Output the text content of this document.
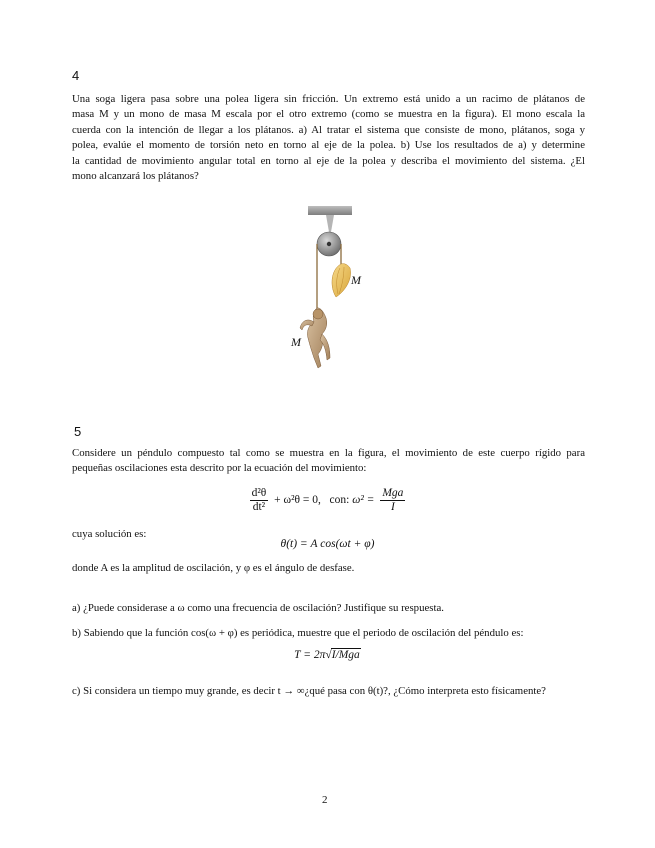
4
Una soga ligera pasa sobre una polea ligera sin fricción. Un extremo está unido a un racimo de plátanos de
masa M y un mono de masa M escala por el otro extremo (como se muestra en la figura). El mono escala la
cuerda con la intención de llegar a los plátanos. a) Al tratar el sistema que consiste de mono, plátanos, soga y
polea, evalúe el momento de torsión neto en torno al eje de la polea. b) Use los resultados de a) y determine
la cantidad de movimiento angular total en torno al eje de la polea y describa el movimiento del sistema. ¿El
mono alcanzará los plátanos?
M
M
5
Considere un péndulo compuesto tal como se muestra en la figura, el movimiento de este cuerpo rígido para
pequeñas oscilaciones esta descrito por la ecuación del movimiento:
$\frac{\text{d²θ}}{\text{dt²}} + \omega^2\theta = 0$, con: $\omega^2 = \frac{\text{Mga}}{I}$
cuya solución es:
θ(t) = A cos(ωt + φ)
donde A es la amplitud de oscilación, y φ es el ángulo de desfase.
a) ¿Puede considerase a ω como una frecuencia de oscilación? Justifique su respuesta.
b) Sabiendo que la función cos(ω + φ) es periódica, muestre que el periodo de oscilación del péndulo es:
T = 2π√I/Mga
c) Si considera un tiempo muy grande, es decir t → ∞¿qué pasa con θ(t)?, ¿Cómo interpreta esto físicamente?
2
